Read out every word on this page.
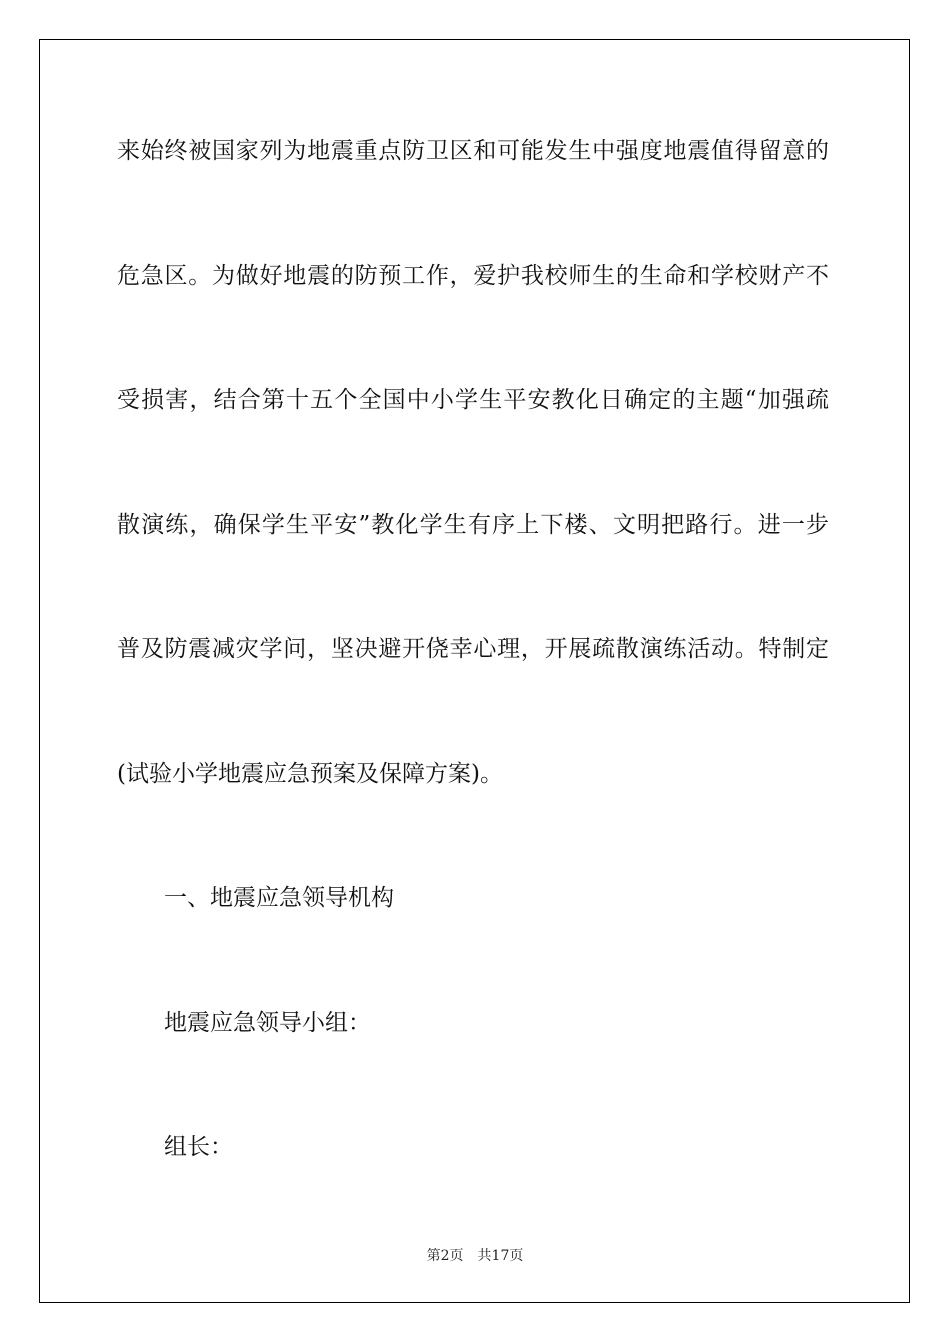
来始终被国家列为地震重点防卫区和可能发生中强度地震值得留意的
危急区。为做好地震的防预工作，爱护我校师生的生命和学校财产不
受损害，结合第十五个全国中小学生平安教化日确定的主题“加强疏
散演练，确保学生平安”教化学生有序上下楼、文明把路行。进一步
普及防震减灾学问，坚决避开侥幸心理，开展疏散演练活动。特制定
(试验小学地震应急预案及保障方案)。
一、地震应急领导机构
地震应急领导小组：
组长：
第2页 共17页
